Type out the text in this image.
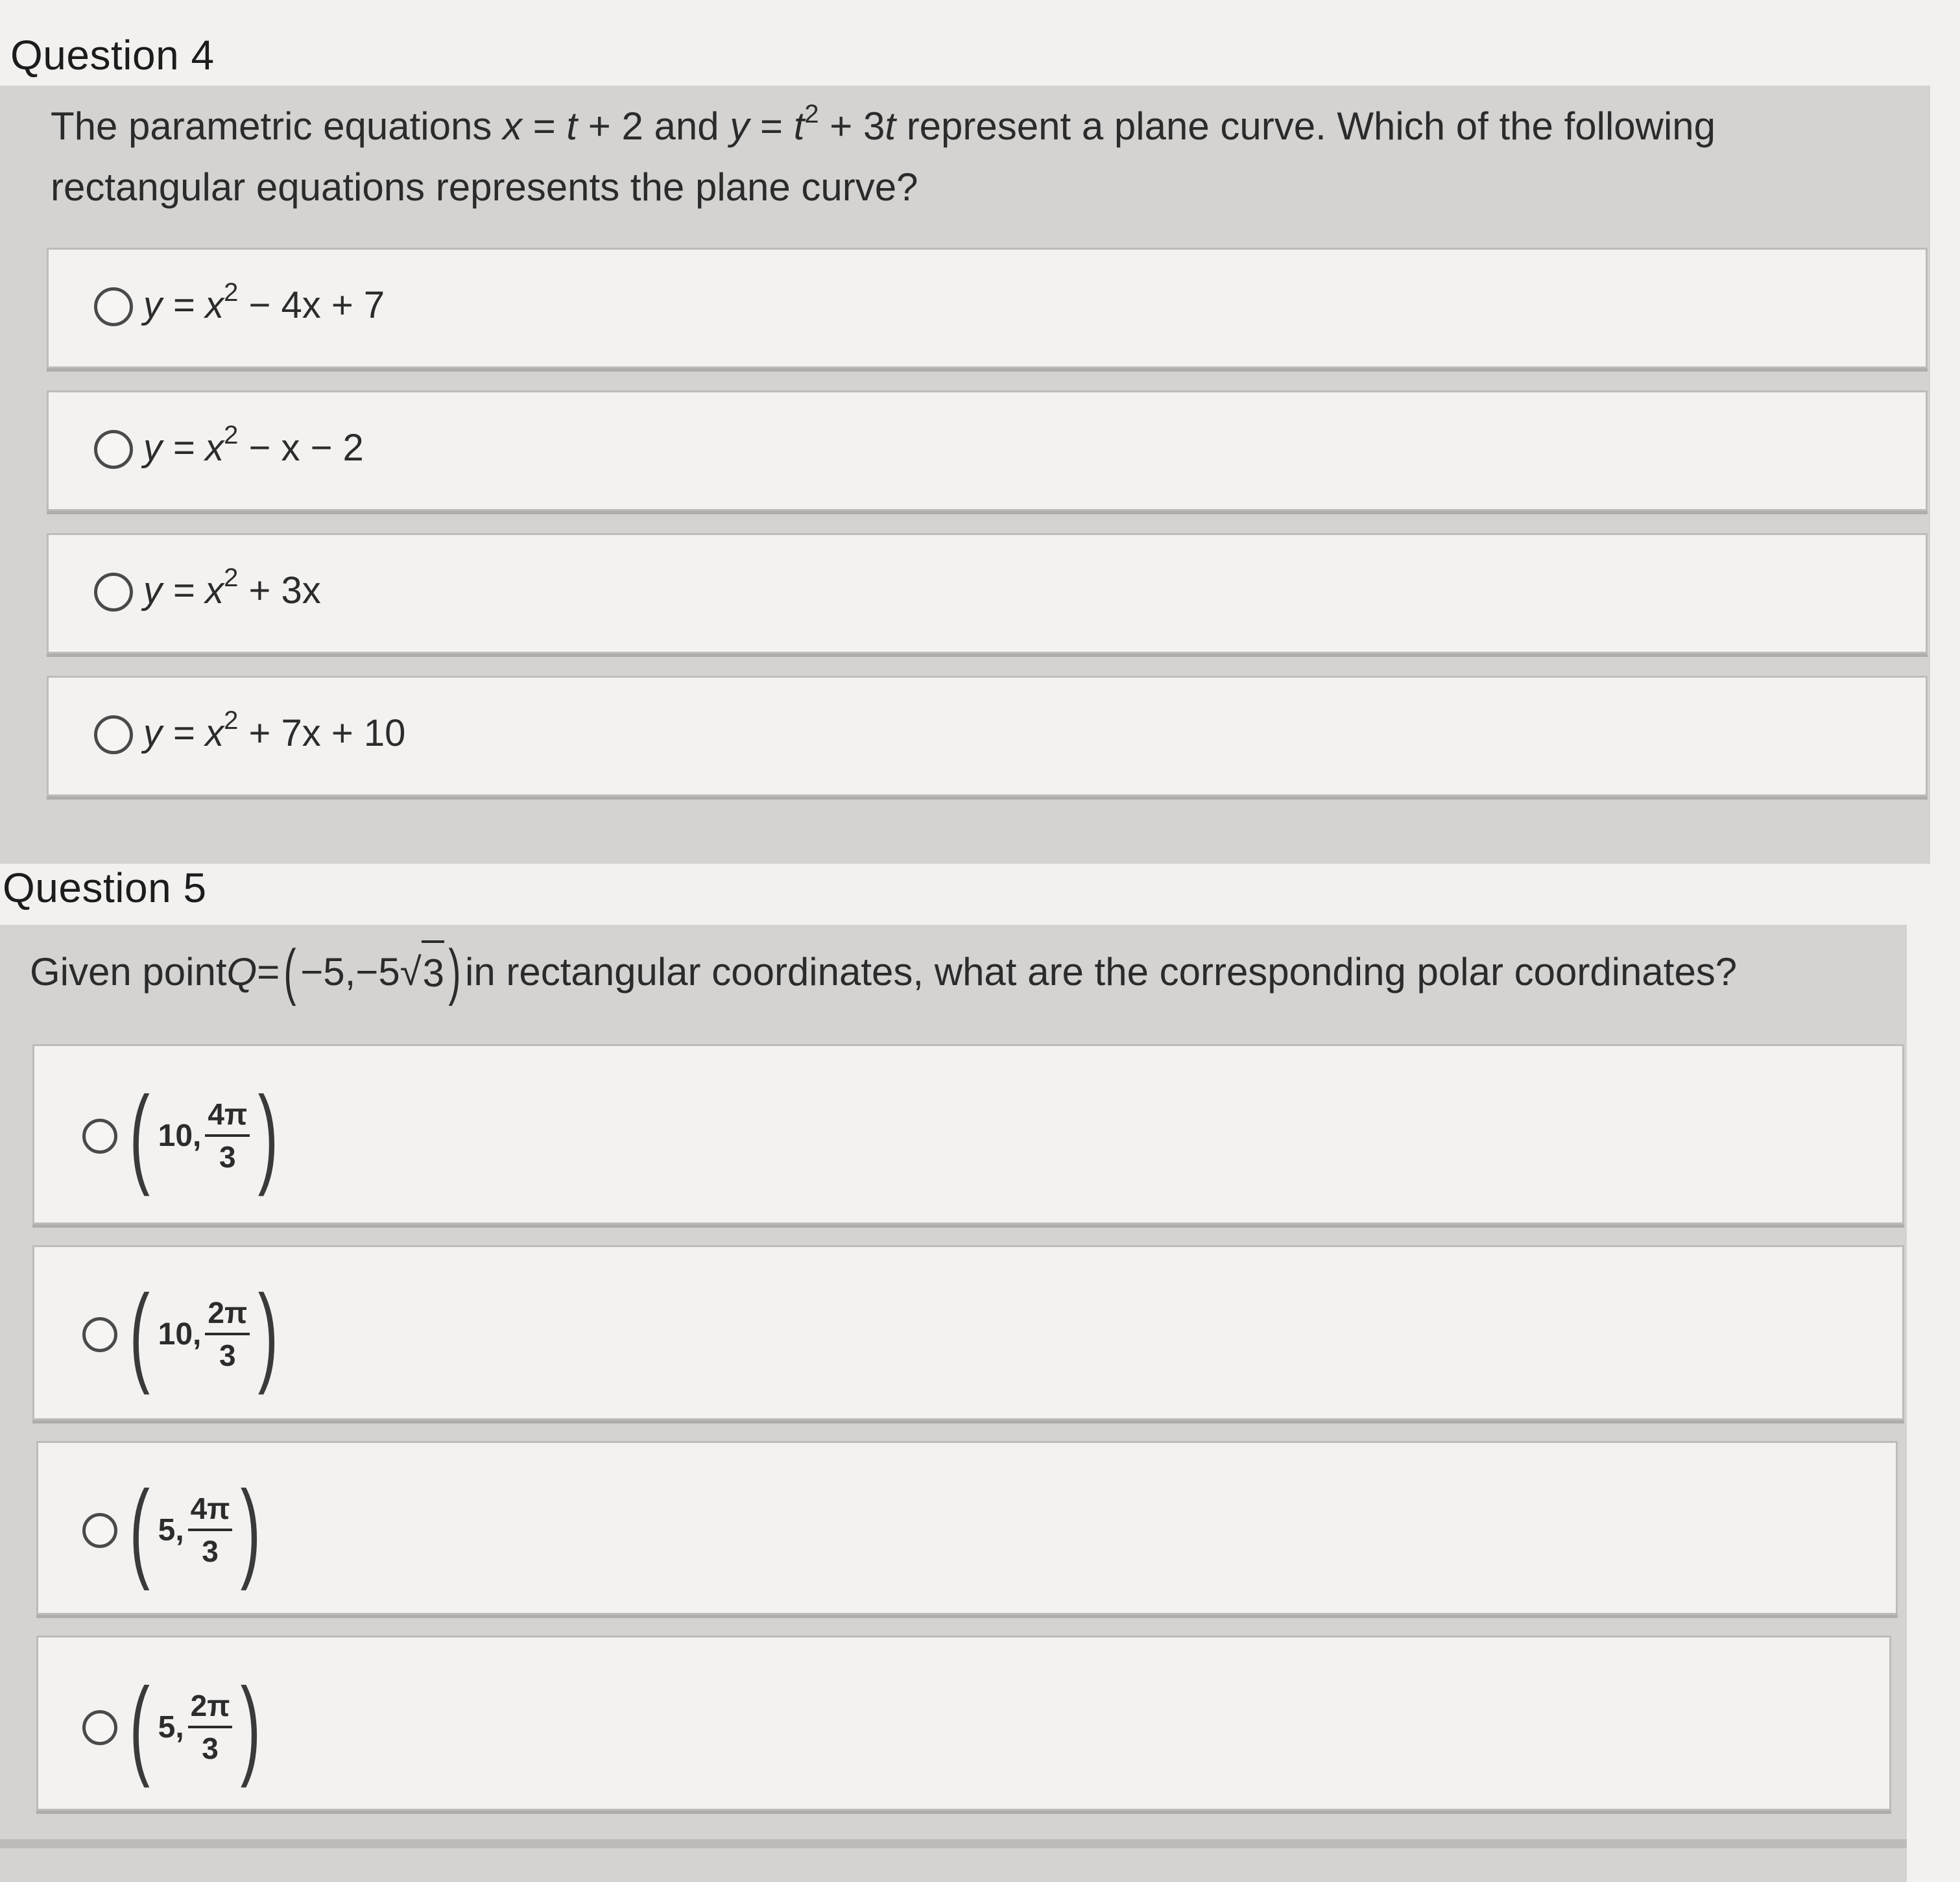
Question 4
The parametric equations x = t + 2 and $y = t^2 + 3t$ represent a plane curve. Which of the following
rectangular equations represents the plane curve?
$y = x^2 - 4x + 7$
$y = x^2 - x - 2$
$y = x^2 + 3x$
$y = x^2 + 7x + 10$
Question 5
Given point Q = ( −5,−5 √ 3 ) in rectangular coordinates, what are the corresponding polar coordinates?
( 10, $\frac{4\pi}{3}$ )
( 10, $\frac{2\pi}{3}$ )
( 5, $\frac{4\pi}{3}$ )
( 5, $\frac{2\pi}{3}$ )
